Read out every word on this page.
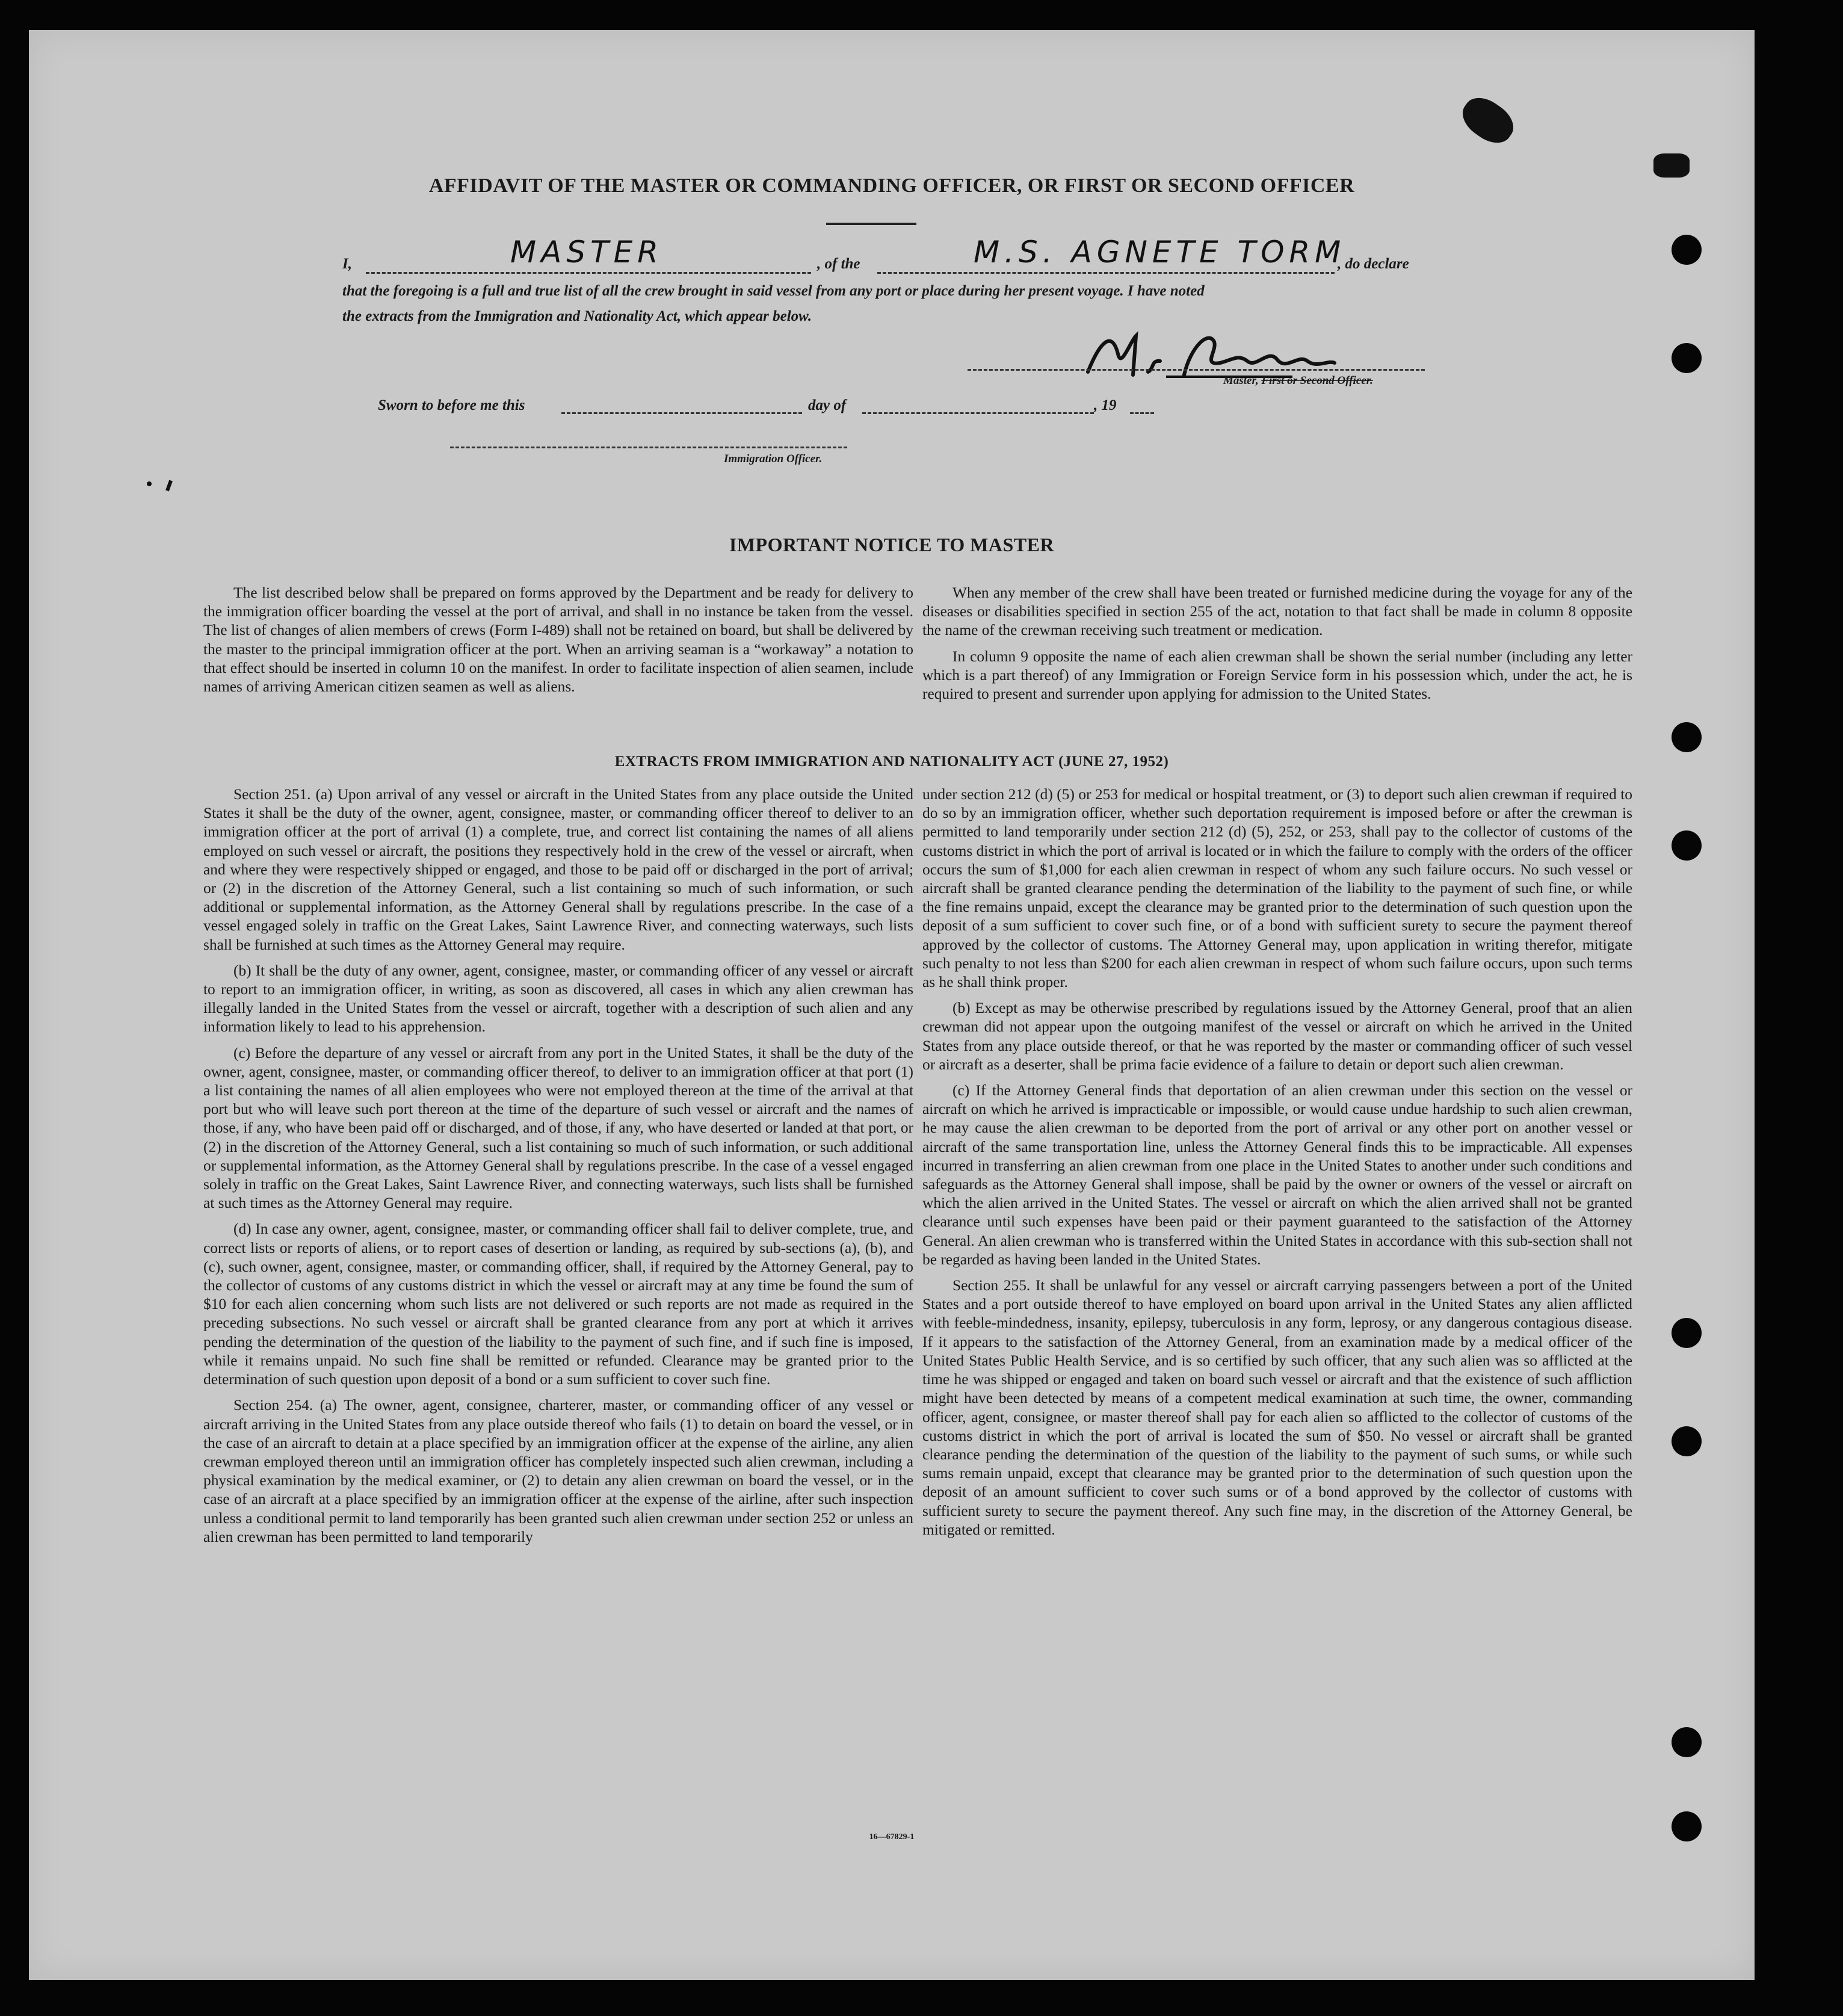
AFFIDAVIT OF THE MASTER OR COMMANDING OFFICER, OR FIRST OR SECOND OFFICER
I,	MASTER	, of the	M.S. AGNETE TORM
, do declare
that the foregoing is a full and true list of all the crew brought in said vessel from any port or place during her present voyage. I have noted
the extracts from the Immigration and Nationality Act, which appear below.
Master, First or Second Officer.
Sworn to before me this	day of	, 19
Immigration Officer.
IMPORTANT NOTICE TO MASTER

The list described below shall be prepared on forms approved by the Department and be ready for delivery to the immigration officer boarding the vessel at the port of arrival, and shall in no instance be taken from the vessel. The list of changes of alien members of crews (Form I-489) shall not be retained on board, but shall be delivered by the master to the principal immigration officer at the port. When an arriving seaman is a “workaway” a notation to that effect should be inserted in column 10 on the manifest. In order to facilitate inspection of alien seamen, include names of arriving American citizen seamen as well as aliens.

When any member of the crew shall have been treated or furnished medicine during the voyage for any of the diseases or disabilities specified in section 255 of the act, notation to that fact shall be made in column 8 opposite the name of the crewman receiving such treatment or medication.

In column 9 opposite the name of each alien crewman shall be shown the serial number (including any letter which is a part thereof) of any Immigration or Foreign Service form in his possession which, under the act, he is required to present and surrender upon applying for admission to the United States.

EXTRACTS FROM IMMIGRATION AND NATIONALITY ACT (JUNE 27, 1952)

Section 251. (a) Upon arrival of any vessel or aircraft in the United States from any place outside the United States it shall be the duty of the owner, agent, consignee, master, or commanding officer thereof to deliver to an immigration officer at the port of arrival (1) a complete, true, and correct list containing the names of all aliens employed on such vessel or aircraft, the positions they respectively hold in the crew of the vessel or aircraft, when and where they were respectively shipped or engaged, and those to be paid off or discharged in the port of arrival; or (2) in the discretion of the Attorney General, such a list containing so much of such information, or such additional or supplemental information, as the Attorney General shall by regulations prescribe. In the case of a vessel engaged solely in traffic on the Great Lakes, Saint Lawrence River, and connecting waterways, such lists shall be furnished at such times as the Attorney General may require.

(b) It shall be the duty of any owner, agent, consignee, master, or commanding officer of any vessel or aircraft to report to an immigration officer, in writing, as soon as discovered, all cases in which any alien crewman has illegally landed in the United States from the vessel or aircraft, together with a description of such alien and any information likely to lead to his apprehension.

(c) Before the departure of any vessel or aircraft from any port in the United States, it shall be the duty of the owner, agent, consignee, master, or commanding officer thereof, to deliver to an immigration officer at that port (1) a list containing the names of all alien employees who were not employed thereon at the time of the arrival at that port but who will leave such port thereon at the time of the departure of such vessel or aircraft and the names of those, if any, who have been paid off or discharged, and of those, if any, who have deserted or landed at that port, or (2) in the discretion of the Attorney General, such a list containing so much of such information, or such additional or supplemental information, as the Attorney General shall by regulations prescribe. In the case of a vessel engaged solely in traffic on the Great Lakes, Saint Lawrence River, and connecting waterways, such lists shall be furnished at such times as the Attorney General may require.

(d) In case any owner, agent, consignee, master, or commanding officer shall fail to deliver complete, true, and correct lists or reports of aliens, or to report cases of desertion or landing, as required by sub-sections (a), (b), and (c), such owner, agent, consignee, master, or commanding officer, shall, if required by the Attorney General, pay to the collector of customs of any customs district in which the vessel or aircraft may at any time be found the sum of $10 for each alien concerning whom such lists are not delivered or such reports are not made as required in the preceding subsections. No such vessel or aircraft shall be granted clearance from any port at which it arrives pending the determination of the question of the liability to the payment of such fine, and if such fine is imposed, while it remains unpaid. No such fine shall be remitted or refunded. Clearance may be granted prior to the determination of such question upon deposit of a bond or a sum sufficient to cover such fine.

Section 254. (a) The owner, agent, consignee, charterer, master, or commanding officer of any vessel or aircraft arriving in the United States from any place outside thereof who fails (1) to detain on board the vessel, or in the case of an aircraft to detain at a place specified by an immigration officer at the expense of the airline, any alien crewman employed thereon until an immigration officer has completely inspected such alien crewman, including a physical examination by the medical examiner, or (2) to detain any alien crewman on board the vessel, or in the case of an aircraft at a place specified by an immigration officer at the expense of the airline, after such inspection unless a conditional permit to land temporarily has been granted such alien crewman under section 252 or unless an alien crewman has been permitted to land temporarily

under section 212 (d) (5) or 253 for medical or hospital treatment, or (3) to deport such alien crewman if required to do so by an immigration officer, whether such deportation requirement is imposed before or after the crewman is permitted to land temporarily under section 212 (d) (5), 252, or 253, shall pay to the collector of customs of the customs district in which the port of arrival is located or in which the failure to comply with the orders of the officer occurs the sum of $1,000 for each alien crewman in respect of whom any such failure occurs. No such vessel or aircraft shall be granted clearance pending the determination of the liability to the payment of such fine, or while the fine remains unpaid, except the clearance may be granted prior to the determination of such question upon the deposit of a sum sufficient to cover such fine, or of a bond with sufficient surety to secure the payment thereof approved by the collector of customs. The Attorney General may, upon application in writing therefor, mitigate such penalty to not less than $200 for each alien crewman in respect of whom such failure occurs, upon such terms as he shall think proper.

(b) Except as may be otherwise prescribed by regulations issued by the Attorney General, proof that an alien crewman did not appear upon the outgoing manifest of the vessel or aircraft on which he arrived in the United States from any place outside thereof, or that he was reported by the master or commanding officer of such vessel or aircraft as a deserter, shall be prima facie evidence of a failure to detain or deport such alien crewman.

(c) If the Attorney General finds that deportation of an alien crewman under this section on the vessel or aircraft on which he arrived is impracticable or impossible, or would cause undue hardship to such alien crewman, he may cause the alien crewman to be deported from the port of arrival or any other port on another vessel or aircraft of the same transportation line, unless the Attorney General finds this to be impracticable. All expenses incurred in transferring an alien crewman from one place in the United States to another under such conditions and safeguards as the Attorney General shall impose, shall be paid by the owner or owners of the vessel or aircraft on which the alien arrived in the United States. The vessel or aircraft on which the alien arrived shall not be granted clearance until such expenses have been paid or their payment guaranteed to the satisfaction of the Attorney General. An alien crewman who is transferred within the United States in accordance with this sub-section shall not be regarded as having been landed in the United States.

Section 255. It shall be unlawful for any vessel or aircraft carrying passengers between a port of the United States and a port outside thereof to have employed on board upon arrival in the United States any alien afflicted with feeble-mindedness, insanity, epilepsy, tuberculosis in any form, leprosy, or any dangerous contagious disease. If it appears to the satisfaction of the Attorney General, from an examination made by a medical officer of the United States Public Health Service, and is so certified by such officer, that any such alien was so afflicted at the time he was shipped or engaged and taken on board such vessel or aircraft and that the existence of such affliction might have been detected by means of a competent medical examination at such time, the owner, commanding officer, agent, consignee, or master thereof shall pay for each alien so afflicted to the collector of customs of the customs district in which the port of arrival is located the sum of $50. No vessel or aircraft shall be granted clearance pending the determination of the question of the liability to the payment of such sums, or while such sums remain unpaid, except that clearance may be granted prior to the determination of such question upon the deposit of an amount sufficient to cover such sums or of a bond approved by the collector of customs with sufficient surety to secure the payment thereof. Any such fine may, in the discretion of the Attorney General, be mitigated or remitted.

16—67829-1
